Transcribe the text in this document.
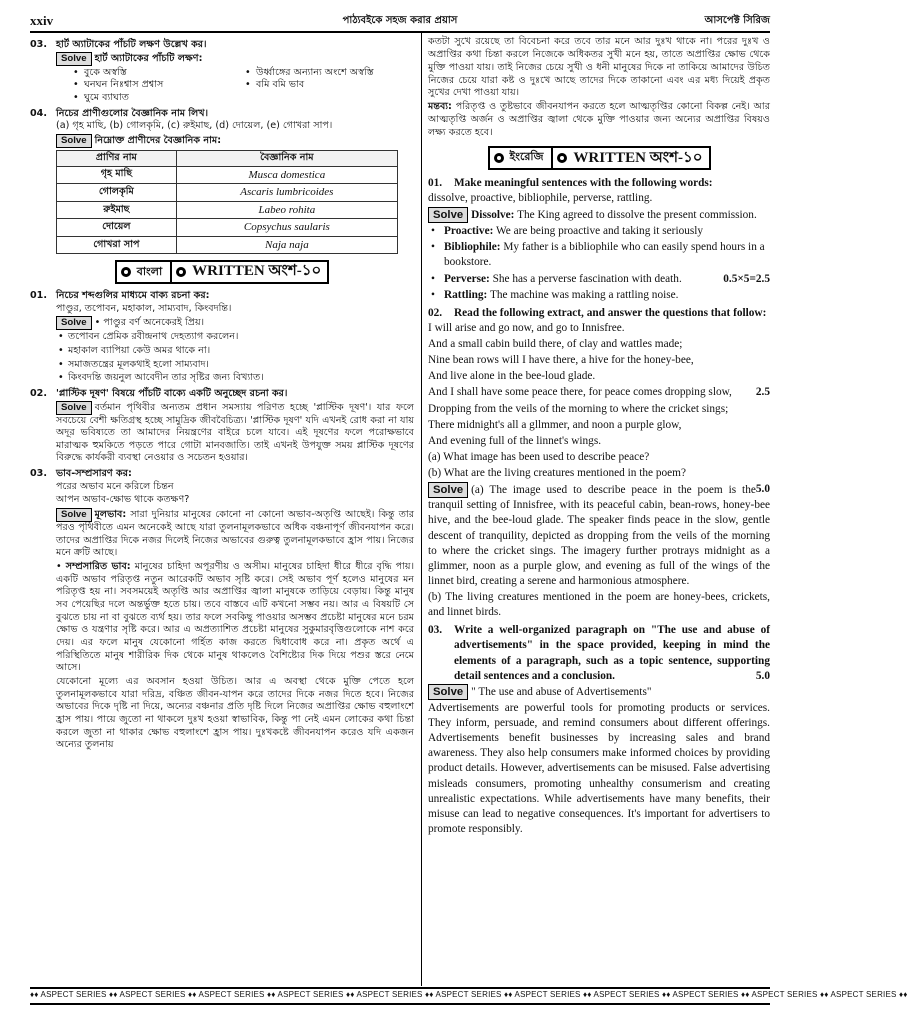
xxiv	পাঠ্যবইকে সহজ করার প্রয়াস	আসপেক্ট সিরিজ
03. হার্ট অ্যাটাকের পাঁচটি লক্ষণ উল্লেখ কর।

Solve হার্ট অ্যাটাকের পাঁচটি লক্ষণ:

• বুকে অস্বস্তি	• উর্ধ্বাঙ্গের অন্যান্য অংশে অস্বস্তি
• ঘনঘন নিঃশ্বাস প্রশ্বাস	• বমি বমি ভাব
• ঘুমে ব্যাঘাত
04. নিচের প্রাণীগুলোর বৈজ্ঞানিক নাম লিখ।

(a) গৃহ মাছি, (b) গোলকৃমি, (c) রুইমাছ, (d) দোয়েল, (e) গোখরা সাপ।

Solve নিম্নোক্ত প্রাণীদের বৈজ্ঞানিক নাম:

প্রাণির নাম	বৈজ্ঞানিক নাম
গৃহ মাছি	Musca domestica
গোলকৃমি	Ascaris lumbricoides
রুইমাছ	Labeo rohita
দোয়েল	Copsychus saularis
গোখরা সাপ	Naja naja
বাংলা WRITTEN অংশ-১০
01. নিচের শব্দগুলির মাধ্যমে বাক্য রচনা কর:

পাণ্ডুর, তপোবন, মহাকাল, সাম্যবাদ, কিংবদন্তি।

Solve • পাণ্ডুর বর্ণ অনেকেরই প্রিয়।

• তপোবন প্রেমিক রবীন্দ্রনাথ দেহত্যাগ করলেন।

• মহাকাল ব্যাপিয়া কেউ অমর থাকে না।

• সমাজতন্ত্রের মূলকথাই হলো সাম্যবাদ।

• কিংবদন্তি জয়নুল আবেদীন তার সৃষ্টির জন্য বিখ্যাত।

02. 'প্লাস্টিক দূষণ' বিষয়ে পাঁচটি বাক্যে একটি অনুচ্ছেদ রচনা কর।

Solve বর্তমান পৃথিবীর অন্যতম প্রধান সমস্যায় পরিণত হচ্ছে 'প্লাস্টিক দূষণ'। যার ফলে সবচেয়ে বেশী ক্ষতিগ্রস্থ হচ্ছে সামুদ্রিক জীববৈচিত্র্য। 'প্লাস্টিক দূষণ' যদি এখনই রোধ করা না যায় অদূর ভবিষ্যতে তা আমাদের নিয়ন্ত্রণের বাইরে চলে যাবে। এই দূষণের ফলে পরোক্ষভাবে মারাত্মক হুমকিতে পড়তে পারে গোটা মানবজাতি। তাই এখনই উপযুক্ত সময় প্লাস্টিক দূষণের বিরুদ্ধে কার্যকরী ব্যবস্থা নেওয়ার ও সচেতন হওয়ার।

03. ভাব-সম্প্রসারণ কর:

পরের অভাব মনে করিলে চিন্তন

আপন অভাব-ক্ষোভ থাকে কতক্ষণ?

Solve মূলভাব: সারা দুনিয়ার মানুষের কোনো না কোনো অভাব-অতৃপ্তি আছেই। কিন্তু তার পরও পৃথিবীতে এমন অনেকেই আছে যারা তুলনামূলকভাবে অধিক বঞ্চনাপূর্ণ জীবনযাপন করে। তাদের অপ্রাপ্তির দিকে নজর দিলেই নিজের অভাবের গুরুত্ব তুলনামূলকভাবে হ্রাস পায়। নিজের মনে ক্রটি আছে।

• সম্প্রসারিত ভাব: মানুষের চাহিদা অপূরণীয় ও অসীম। মানুষের চাহিদা ধীরে ধীরে বৃদ্ধি পায়। একটি অভাব পরিতৃপ্ত নতুন আরেকটি অভাব সৃষ্টি করে। সেই অভাব পূর্ণ হলেও মানুষের মন পরিতৃপ্ত হয় না। সবসময়েই অতৃপ্তি আর অপ্রাপ্তির জ্বালা মানুষকে তাড়িয়ে বেড়ায়। কিন্তু মানুষ সব পেয়েছির দলে অন্তর্ভুক্ত হতে চায়। তবে বাস্তবে এটি কখনো সম্ভব নয়। আর এ বিষয়টি সে বুঝতে চায় না বা বুঝতে ব্যর্থ হয়। তার ফলে সবকিছু পাওয়ার অসম্ভব প্রচেষ্টা মানুষের মনে চরম ক্ষোভ ও যন্ত্রণার সৃষ্টি করে। আর এ অপ্রত্যাশিত প্রচেষ্টা মানুষের সুকুমারবৃত্তিগুলোকে নাশ করে দেয়। এর ফলে মানুষ যেকোনো গর্হিত কাজ করতে দ্বিধাবোধ করে না। প্রকৃত অর্থে এ পরিস্থিতিতে মানুষ শারীরিক দিক থেকে মানুষ থাকলেও বৈশিষ্ট্যের দিক দিয়ে পশুর স্তরে নেমে আসে।

যেকোনো মূল্যে এর অবসান হওয়া উচিত। আর এ অবস্থা থেকে মুক্তি পেতে হলে তুলনামূলকভাবে যারা দরিদ্র, বঞ্চিত জীবন-যাপন করে তাদের দিকে নজর দিতে হবে। নিজের অভাবের দিকে দৃষ্টি না দিয়ে, অন্যের বঞ্চনার প্রতি দৃষ্টি দিলে নিজের অপ্রাপ্তির ক্ষোভ বহুলাংশে হ্রাস পায়। পায়ে জুতো না থাকলে দুঃখ হওয়া স্বাভাবিক, কিন্তু পা নেই এমন লোকের কথা চিন্তা করলে জুতা না থাকার ক্ষোভ বহুলাংশে হ্রাস পায়। দুঃখকষ্টে জীবনযাপন করেও যদি একজন অন্যের তুলনায়

কতটা সুখে রয়েছে তা বিবেচনা করে তবে তার মনে আর দুঃখ থাকে না। পরের দুঃখ ও অপ্রাপ্তির কথা চিন্তা করলে নিজেকে অধিকতর সুখী মনে হয়, তাতে অপ্রাপ্তির ক্ষোভ থেকে মুক্তি পাওয়া যায়। তাই নিজের চেয়ে সুখী ও ধনী মানুষের দিকে না তাকিয়ে আমাদের উচিত নিজের চেয়ে যারা কষ্ট ও দুঃখে আছে তাদের দিকে তাকানো এবং এর মধ্য দিয়েই প্রকৃত সুখের দেখা পাওয়া যায়।

মন্তব্য: পরিতৃপ্ত ও তুষ্টভাবে জীবনযাপন করতে হলে আত্মতৃপ্তির কোনো বিকল্প নেই। আর আত্মতৃপ্তি অর্জন ও অপ্রাপ্তির জ্বালা থেকে মুক্তি পাওয়ার জন্য অন্যের অপ্রাপ্তির বিষয়ও লক্ষ্য করতে হবে।

ইংরেজি WRITTEN অংশ-১০
01.	Make meaningful sentences with the following words:

dissolve, proactive, bibliophile, perverse, rattling.

Solve Dissolve: The King agreed to dissolve the present commission.

• Proactive: We are being proactive and taking it seriously

• Bibliophile: My father is a bibliophile who can easily spend hours in a bookstore.

• Perverse: She has a perverse fascination with death.	0.5×5=2.5

• Rattling: The machine was making a rattling noise.

02.	Read the following extract, and answer the questions that follow:

I will arise and go now, and go to Innisfree.

And a small cabin build there, of clay and wattles made;

Nine bean rows will I have there, a hive for the honey-bee,

And live alone in the bee-loud glade.

And I shall have some peace there, for peace comes dropping slow, 2.5

Dropping from the veils of the morning to where the cricket sings;

There midnight's all a gllmmer, and noon a purple glow,

And evening full of the linnet's wings.

(a) What image has been used to describe peace?

(b) What are the living creatures mentioned in the poem?

Solve	5.0
(a) The image used to describe peace in the poem is the tranquil setting of Innisfree, with its peaceful cabin, bean-rows, honey-bee hive, and the bee-loud glade. The speaker finds peace in the slow, gentle descent of tranquility, depicted as dropping from the veils of the morning to where the cricket sings. The imagery further protrays midnight as a glimmer, noon as a purple glow, and evening as full of the wings of the linnet bird, creating a serene and harmonious atmosphere.

(b) The living creatures mentioned in the poem are honey-bees, crickets, and linnet birds.

03.	Write a well-organized paragraph on "The use and abuse of advertisements" in the space provided, keeping in mind the elements of a paragraph, such as a topic sentence, supporting detail sentences and a conclusion.	5.0

Solve " The use and abuse of Advertisements"

Advertisements are powerful tools for promoting products or services. They inform, persuade, and remind consumers about different offerings. Advertisements benefit businesses by increasing sales and brand awareness. They also help consumers make informed choices by providing product details. However, advertisements can be misused. False advertising misleads consumers, promoting unhealthy consumerism and creating unrealistic expectations. While advertisements have many benefits, their misuse can lead to negative consequences. It's important for advertisers to promote responsibly.

♦♦ ASPECT SERIES ♦♦ ASPECT SERIES ♦♦ ASPECT SERIES ♦♦ ASPECT SERIES ♦♦ ASPECT SERIES ♦♦ ASPECT SERIES ♦♦ ASPECT SERIES ♦♦ ASPECT SERIES ♦♦ ASPECT SERIES ♦♦ ASPECT SERIES ♦♦ ASPECT SERIES ♦♦
